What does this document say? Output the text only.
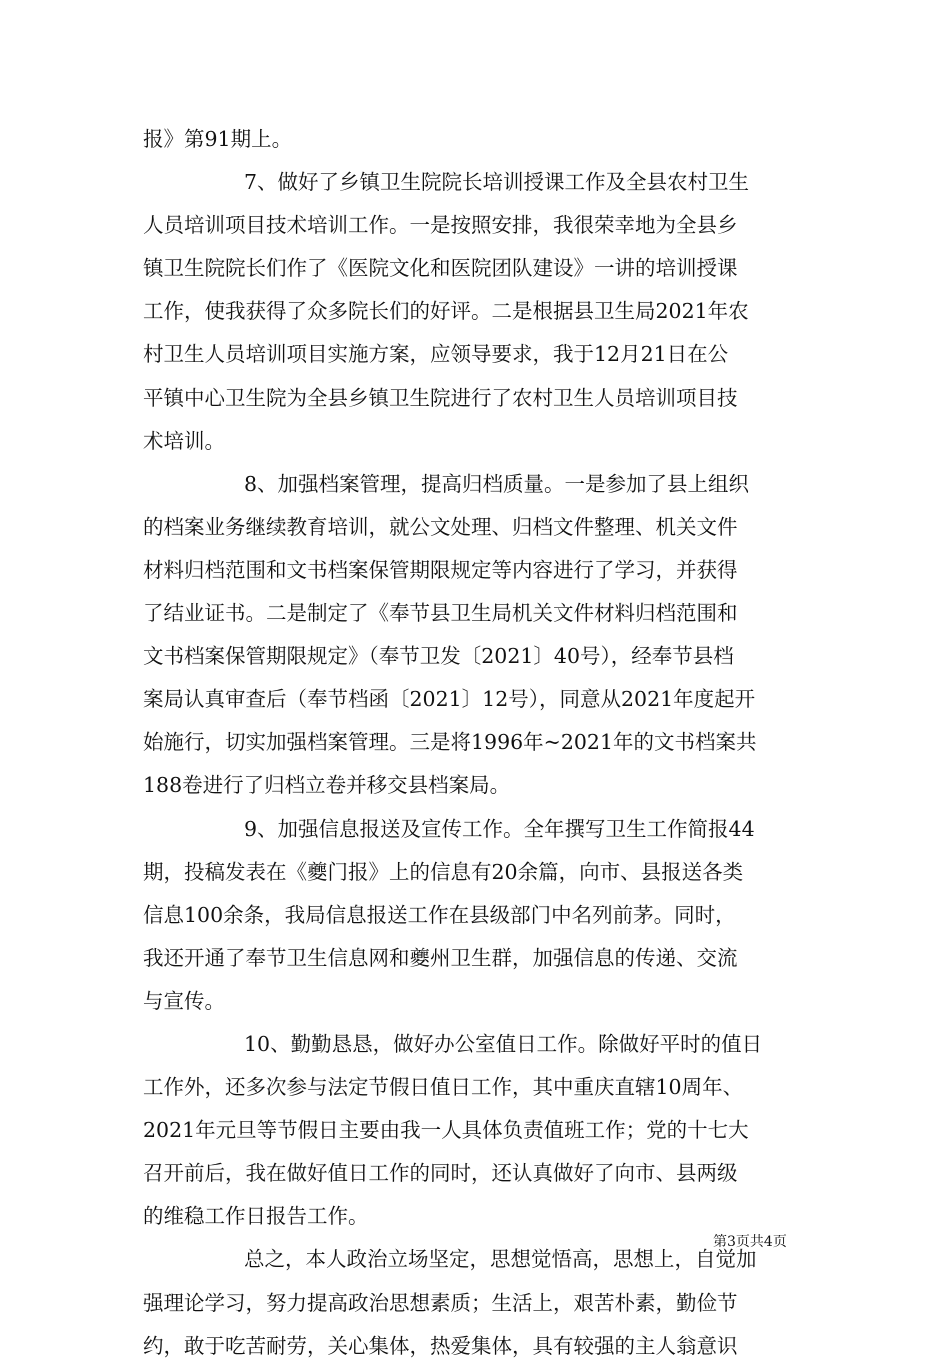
报》第91期上。
7、做好了乡镇卫生院院长培训授课工作及全县农村卫生
人员培训项目技术培训工作。一是按照安排，我很荣幸地为全县乡
镇卫生院院长们作了《医院文化和医院团队建设》一讲的培训授课
工作，使我获得了众多院长们的好评。二是根据县卫生局2021年农
村卫生人员培训项目实施方案，应领导要求，我于12月21日在公
平镇中心卫生院为全县乡镇卫生院进行了农村卫生人员培训项目技
术培训。
8、加强档案管理，提高归档质量。一是参加了县上组织
的档案业务继续教育培训，就公文处理、归档文件整理、机关文件
材料归档范围和文书档案保管期限规定等内容进行了学习，并获得
了结业证书。二是制定了《奉节县卫生局机关文件材料归档范围和
文书档案保管期限规定》（奉节卫发〔2021〕40号），经奉节县档
案局认真审查后（奉节档函〔2021〕12号），同意从2021年度起开
始施行，切实加强档案管理。三是将1996年~2021年的文书档案共
188卷进行了归档立卷并移交县档案局。
9、加强信息报送及宣传工作。全年撰写卫生工作简报44
期，投稿发表在《夔门报》上的信息有20余篇，向市、县报送各类
信息100余条，我局信息报送工作在县级部门中名列前茅。同时，
我还开通了奉节卫生信息网和夔州卫生群，加强信息的传递、交流
与宣传。
10、勤勤恳恳，做好办公室值日工作。除做好平时的值日
工作外，还多次参与法定节假日值日工作，其中重庆直辖10周年、
2021年元旦等节假日主要由我一人具体负责值班工作；党的十七大
召开前后，我在做好值日工作的同时，还认真做好了向市、县两级
的维稳工作日报告工作。
总之，本人政治立场坚定，思想觉悟高，思想上，自觉加
强理论学习，努力提高政治思想素质；生活上，艰苦朴素，勤俭节
约，敢于吃苦耐劳，关心集体，热爱集体，具有较强的主人翁意识
第3页共4页
